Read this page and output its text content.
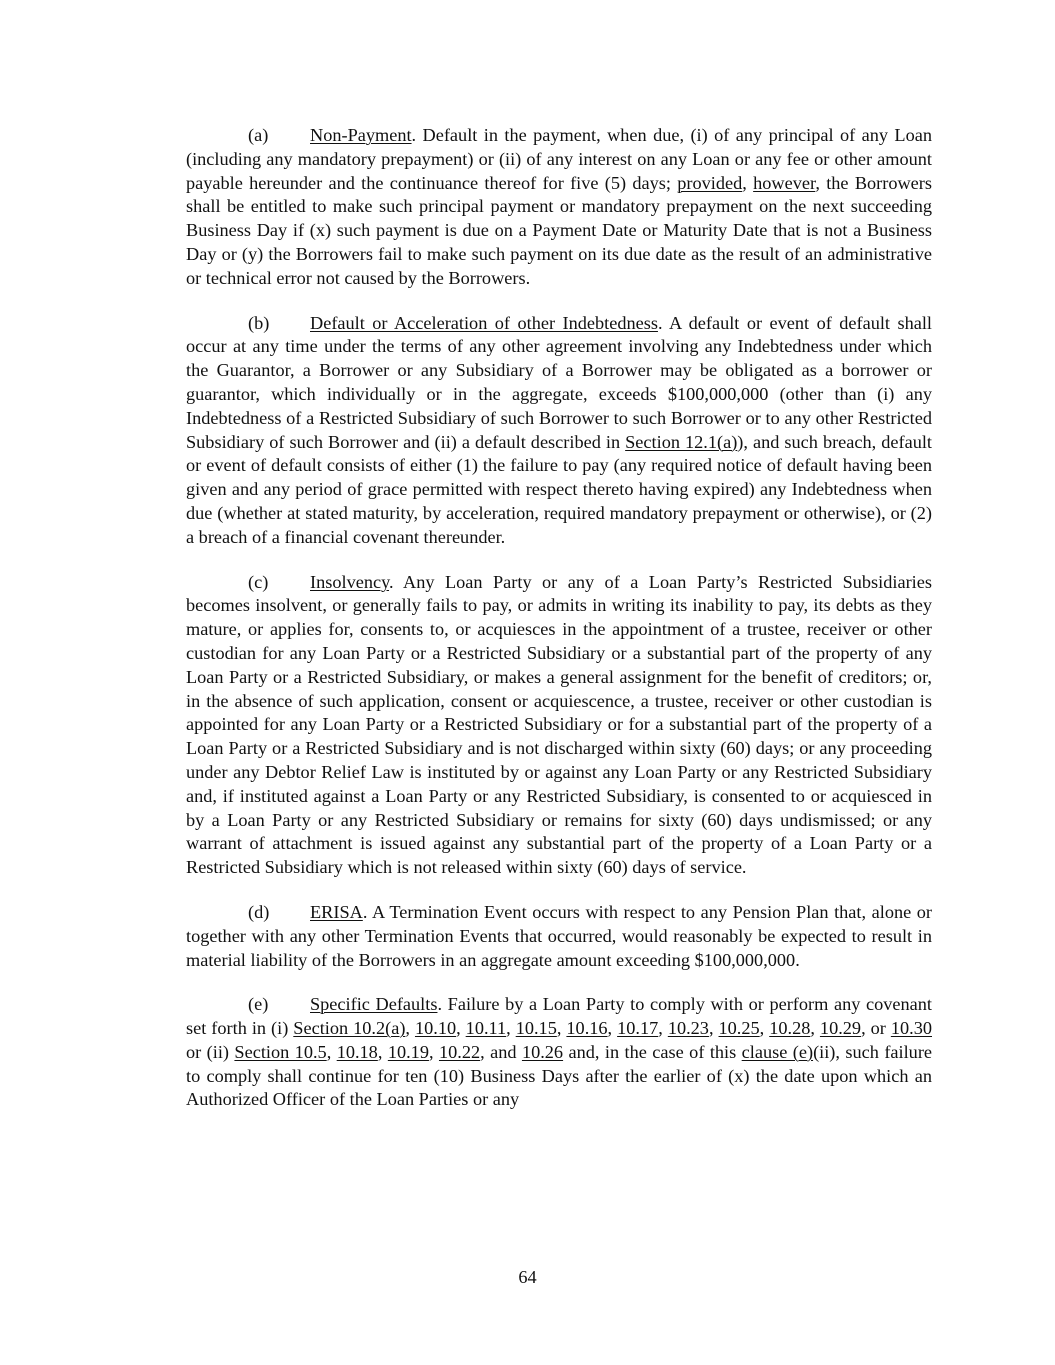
(a) Non-Payment. Default in the payment, when due, (i) of any principal of any Loan (including any mandatory prepayment) or (ii) of any interest on any Loan or any fee or other amount payable hereunder and the continuance thereof for five (5) days; provided, however, the Borrowers shall be entitled to make such principal payment or mandatory prepayment on the next succeeding Business Day if (x) such payment is due on a Payment Date or Maturity Date that is not a Business Day or (y) the Borrowers fail to make such payment on its due date as the result of an administrative or technical error not caused by the Borrowers.

(b) Default or Acceleration of other Indebtedness. A default or event of default shall occur at any time under the terms of any other agreement involving any Indebtedness under which the Guarantor, a Borrower or any Subsidiary of a Borrower may be obligated as a borrower or guarantor, which individually or in the aggregate, exceeds $100,000,000 (other than (i) any Indebtedness of a Restricted Subsidiary of such Borrower to such Borrower or to any other Restricted Subsidiary of such Borrower and (ii) a default described in Section 12.1(a)), and such breach, default or event of default consists of either (1) the failure to pay (any required notice of default having been given and any period of grace permitted with respect thereto having expired) any Indebtedness when due (whether at stated maturity, by acceleration, required mandatory prepayment or otherwise), or (2) a breach of a financial covenant thereunder.

(c) Insolvency. Any Loan Party or any of a Loan Party’s Restricted Subsidiaries becomes insolvent, or generally fails to pay, or admits in writing its inability to pay, its debts as they mature, or applies for, consents to, or acquiesces in the appointment of a trustee, receiver or other custodian for any Loan Party or a Restricted Subsidiary or a substantial part of the property of any Loan Party or a Restricted Subsidiary, or makes a general assignment for the benefit of creditors; or, in the absence of such application, consent or acquiescence, a trustee, receiver or other custodian is appointed for any Loan Party or a Restricted Subsidiary or for a substantial part of the property of a Loan Party or a Restricted Subsidiary and is not discharged within sixty (60) days; or any proceeding under any Debtor Relief Law is instituted by or against any Loan Party or any Restricted Subsidiary and, if instituted against a Loan Party or any Restricted Subsidiary, is consented to or acquiesced in by a Loan Party or any Restricted Subsidiary or remains for sixty (60) days undismissed; or any warrant of attachment is issued against any substantial part of the property of a Loan Party or a Restricted Subsidiary which is not released within sixty (60) days of service.

(d) ERISA. A Termination Event occurs with respect to any Pension Plan that, alone or together with any other Termination Events that occurred, would reasonably be expected to result in material liability of the Borrowers in an aggregate amount exceeding $100,000,000.

(e) Specific Defaults. Failure by a Loan Party to comply with or perform any covenant set forth in (i) Section 10.2(a), 10.10, 10.11, 10.15, 10.16, 10.17, 10.23, 10.25, 10.28, 10.29, or 10.30 or (ii) Section 10.5, 10.18, 10.19, 10.22, and 10.26 and, in the case of this clause (e)(ii), such failure to comply shall continue for ten (10) Business Days after the earlier of (x) the date upon which an Authorized Officer of the Loan Parties or any

64
